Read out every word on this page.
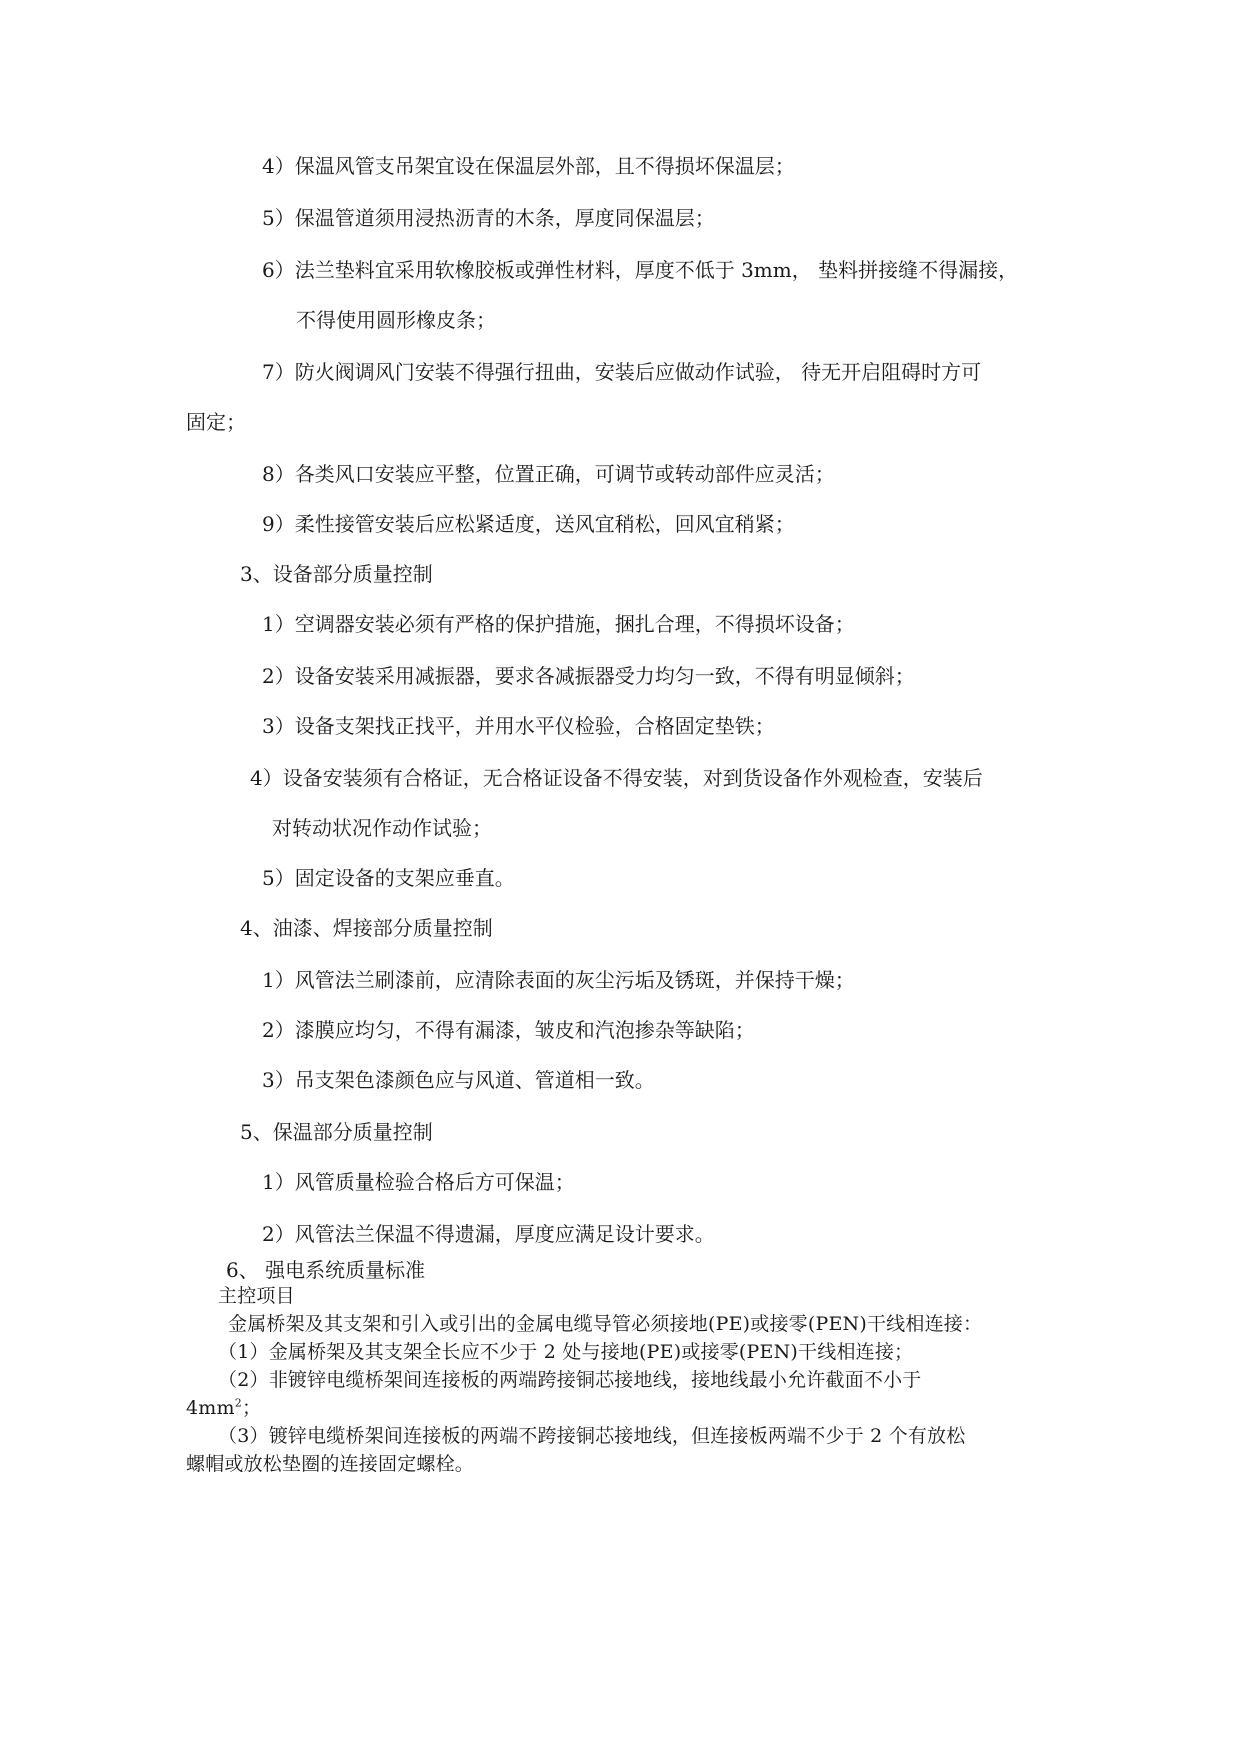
4）保温风管支吊架宜设在保温层外部，且不得损坏保温层；
5）保温管道须用浸热沥青的木条，厚度同保温层；
6）法兰垫料宜采用软橡胶板或弹性材料，厚度不低于 3mm， 垫料拼接缝不得漏接，
不得使用圆形橡皮条；
7）防火阀调风门安装不得强行扭曲，安装后应做动作试验， 待无开启阻碍时方可
固定；
8）各类风口安装应平整，位置正确，可调节或转动部件应灵活；
9）柔性接管安装后应松紧适度，送风宜稍松，回风宜稍紧；
3、设备部分质量控制
1）空调器安装必须有严格的保护措施，捆扎合理，不得损坏设备；
2）设备安装采用减振器，要求各减振器受力均匀一致，不得有明显倾斜；
3）设备支架找正找平，并用水平仪检验，合格固定垫铁；
4）设备安装须有合格证，无合格证设备不得安装，对到货设备作外观检查，安装后
对转动状况作动作试验；
5）固定设备的支架应垂直。
4、油漆、焊接部分质量控制
1）风管法兰刷漆前，应清除表面的灰尘污垢及锈斑，并保持干燥；
2）漆膜应均匀，不得有漏漆，皱皮和汽泡掺杂等缺陷；
3）吊支架色漆颜色应与风道、管道相一致。
5、保温部分质量控制
1）风管质量检验合格后方可保温；
2）风管法兰保温不得遗漏，厚度应满足设计要求。
6、 强电系统质量标准
主控项目
金属桥架及其支架和引入或引出的金属电缆导管必须接地(PE)或接零(PEN)干线相连接：
（1）金属桥架及其支架全长应不少于 2 处与接地(PE)或接零(PEN)干线相连接；
（2）非镀锌电缆桥架间连接板的两端跨接铜芯接地线，接地线最小允许截面不小于
$4mm^2$；
（3）镀锌电缆桥架间连接板的两端不跨接铜芯接地线，但连接板两端不少于 2 个有放松
螺帽或放松垫圈的连接固定螺栓。
